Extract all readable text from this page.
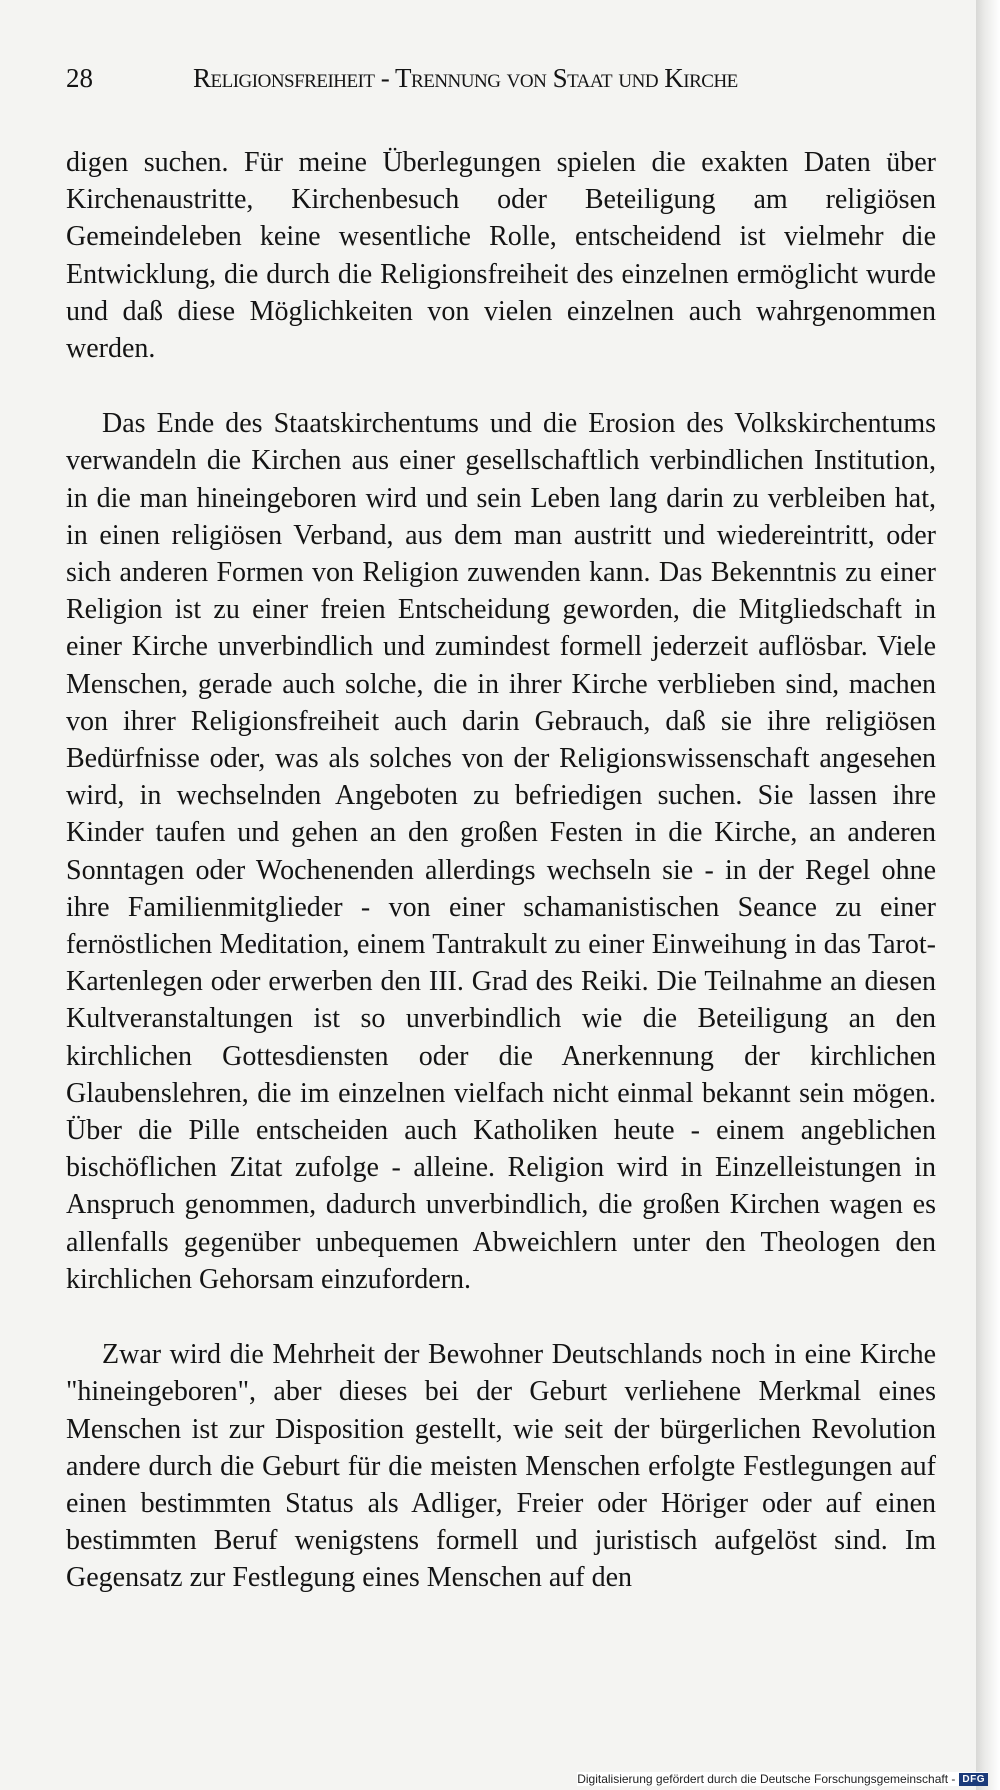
28	Religionsfreiheit - Trennung von Staat und Kirche

digen suchen. Für meine Überlegungen spielen die exakten Daten über Kirchenaustritte, Kirchenbesuch oder Beteiligung am religiösen Gemeindeleben keine wesentliche Rolle, entscheidend ist vielmehr die Entwicklung, die durch die Religionsfreiheit des einzelnen ermöglicht wurde und daß diese Möglichkeiten von vielen einzelnen auch wahrgenommen werden.

Das Ende des Staatskirchentums und die Erosion des Volkskirchentums verwandeln die Kirchen aus einer gesellschaftlich verbindlichen Institution, in die man hineingeboren wird und sein Leben lang darin zu verbleiben hat, in einen religiösen Verband, aus dem man austritt und wiedereintritt, oder sich anderen Formen von Religion zuwenden kann. Das Bekenntnis zu einer Religion ist zu einer freien Entscheidung geworden, die Mitgliedschaft in einer Kirche unverbindlich und zumindest formell jederzeit auflösbar. Viele Menschen, gerade auch solche, die in ihrer Kirche verblieben sind, machen von ihrer Religionsfreiheit auch darin Gebrauch, daß sie ihre religiösen Bedürfnisse oder, was als solches von der Religionswissenschaft angesehen wird, in wechselnden Angeboten zu befriedigen suchen. Sie lassen ihre Kinder taufen und gehen an den großen Festen in die Kirche, an anderen Sonntagen oder Wochenenden allerdings wechseln sie - in der Regel ohne ihre Familienmitglieder - von einer schamanistischen Seance zu einer fernöstlichen Meditation, einem Tantrakult zu einer Einweihung in das Tarot-Kartenlegen oder erwerben den III. Grad des Reiki. Die Teilnahme an diesen Kultveranstaltungen ist so unverbindlich wie die Beteiligung an den kirchlichen Gottesdiensten oder die Anerkennung der kirchlichen Glaubenslehren, die im einzelnen vielfach nicht einmal bekannt sein mögen. Über die Pille entscheiden auch Katholiken heute - einem angeblichen bischöflichen Zitat zufolge - alleine. Religion wird in Einzelleistungen in Anspruch genommen, dadurch unverbindlich, die großen Kirchen wagen es allenfalls gegenüber unbequemen Abweichlern unter den Theologen den kirchlichen Gehorsam einzufordern.

Zwar wird die Mehrheit der Bewohner Deutschlands noch in eine Kirche "hineingeboren", aber dieses bei der Geburt verliehene Merkmal eines Menschen ist zur Disposition gestellt, wie seit der bürgerlichen Revolution andere durch die Geburt für die meisten Menschen erfolgte Festlegungen auf einen bestimmten Status als Adliger, Freier oder Höriger oder auf einen bestimmten Beruf wenigstens formell und juristisch aufgelöst sind. Im Gegensatz zur Festlegung eines Menschen auf den

Digitalisierung gefördert durch die Deutsche Forschungsgemeinschaft - DFG
